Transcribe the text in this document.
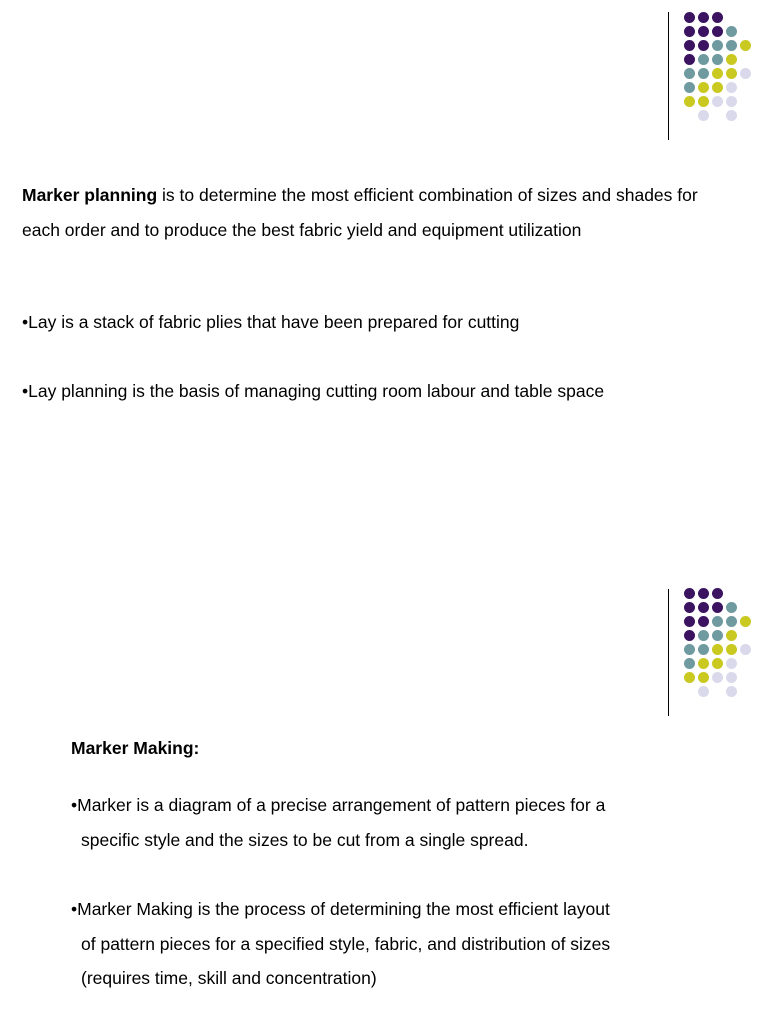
Marker planning is to determine the most efficient combination of sizes and shades for each order and to produce the best fabric yield and equipment utilization
•Lay is a stack of fabric plies that have been prepared for cutting
•Lay planning is the basis of managing cutting room labour and table space
Marker Making:
•Marker is a diagram of a precise arrangement of pattern pieces for a
specific style and the sizes to be cut from a single spread.
•Marker Making is the process of determining the most efficient layout
of pattern pieces for a specified style, fabric, and distribution of sizes
(requires time, skill and concentration)
